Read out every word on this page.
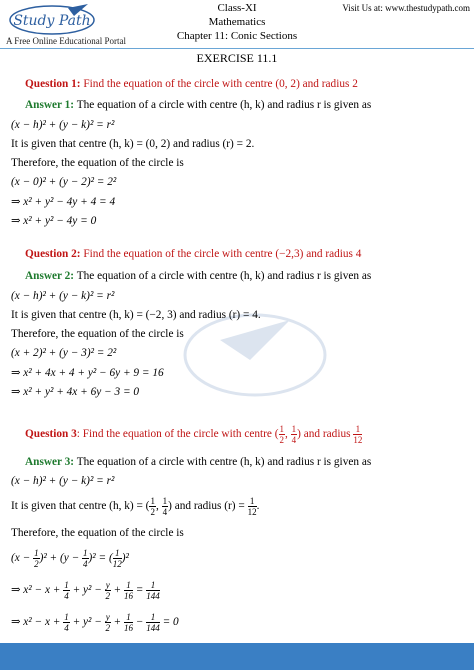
Study Path
A Free Online Educational Portal
Class-XI
Mathematics
Chapter 11: Conic Sections
Visit Us at: www.thestudypath.com
EXERCISE 11.1
Question 1: Find the equation of the circle with centre (0, 2) and radius 2
Answer 1: The equation of a circle with centre (h, k) and radius r is given as
(x − h)² + (y − k)² = r²
It is given that centre (h, k) = (0, 2) and radius (r) = 2.
Therefore, the equation of the circle is
(x − 0)² + (y − 2)² = 2²
⇒ x² + y² − 4y + 4 = 4
⇒ x² + y² − 4y = 0
Question 2: Find the equation of the circle with centre (−2,3) and radius 4
Answer 2: The equation of a circle with centre (h, k) and radius r is given as
(x − h)² + (y − k)² = r²
It is given that centre (h, k) = (−2, 3) and radius (r) = 4.
Therefore, the equation of the circle is
(x + 2)² + (y − 3)² = 2²
⇒ x² + 4x + 4 + y² − 6y + 9 = 16
⇒ x² + y² + 4x + 6y − 3 = 0
Question 3: Find the equation of the circle with centre ( $\frac{1}{2}$ , $\frac{1}{4}$ ) and radius $\frac{1}{12}$
Answer 3: The equation of a circle with centre (h, k) and radius r is given as
(x − h)² + (y − k)² = r²
It is given that centre (h, k) = ( $\frac{1}{2}$ , $\frac{1}{4}$ ) and radius $(r) = \frac{1}{12}$ .
Therefore, the equation of the circle is
$(x - \frac{1}{2} )^2 + (y - \frac{1}{4} )^2$ = ( $\frac{1}{12} )^2$
⇒ $x^2 - x + \frac{1}{4} + y^2 - \frac{y}{2} + \frac{1}{16} = \frac{1}{144}$
⇒ $x^2 - x + \frac{1}{4} + y^2 - \frac{y}{2} + \frac{1}{16} - \frac{1}{144} = 0$
